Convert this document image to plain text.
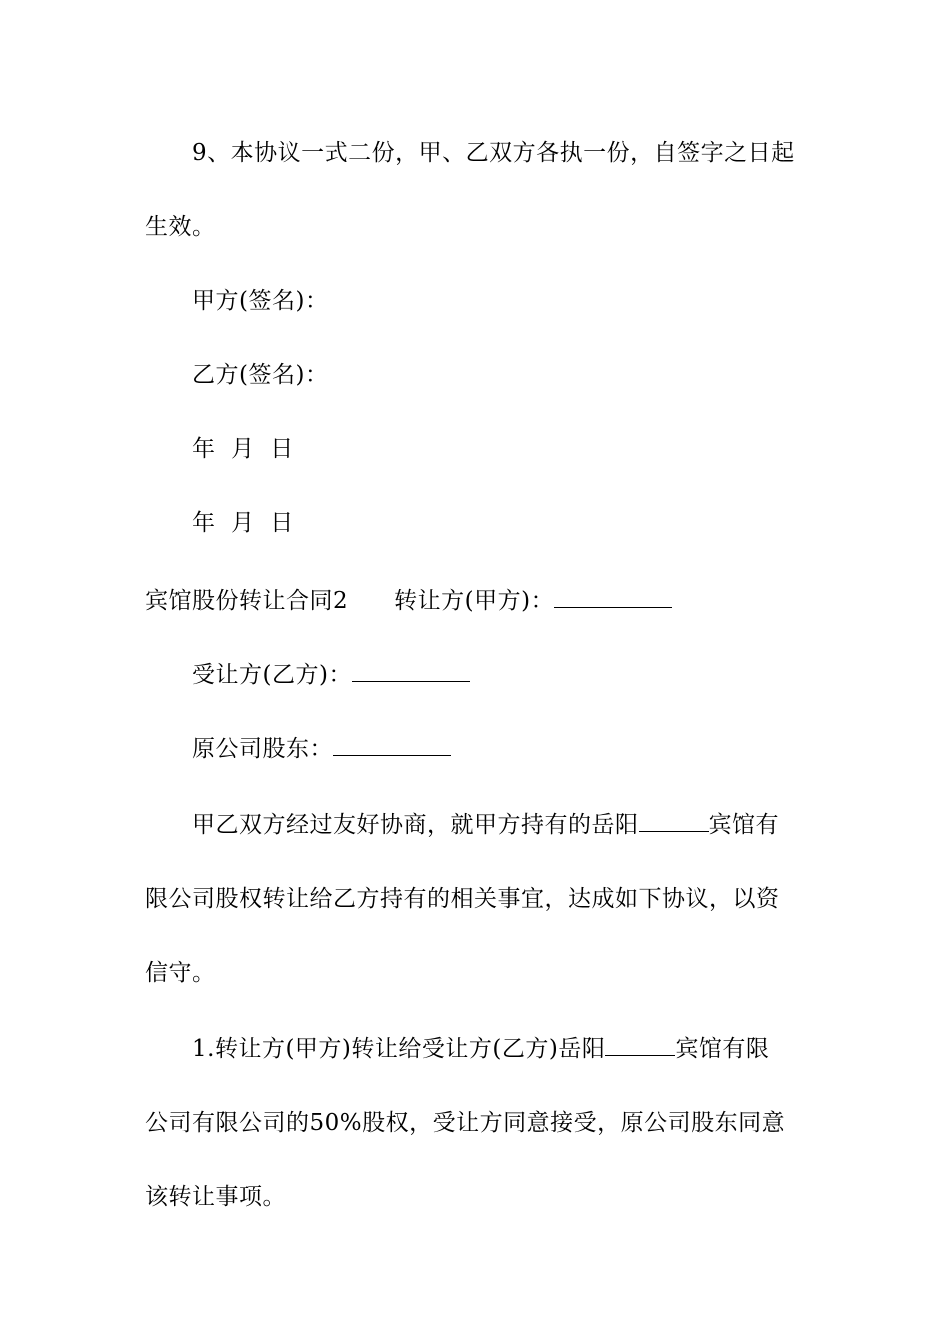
9、本协议一式二份，甲、乙双方各执一份，自签字之日起
生效。
甲方(签名)：
乙方(签名)：
年  月  日
年  月  日
宾馆股份转让合同2 转让方(甲方)：
受让方(乙方)：
原公司股东：
甲乙双方经过友好协商，就甲方持有的岳阳	宾馆有
限公司股权转让给乙方持有的相关事宜，达成如下协议，以资
信守。
1.转让方(甲方)转让给受让方(乙方)岳阳	宾馆有限
公司有限公司的50%股权，受让方同意接受，原公司股东同意
该转让事项。
